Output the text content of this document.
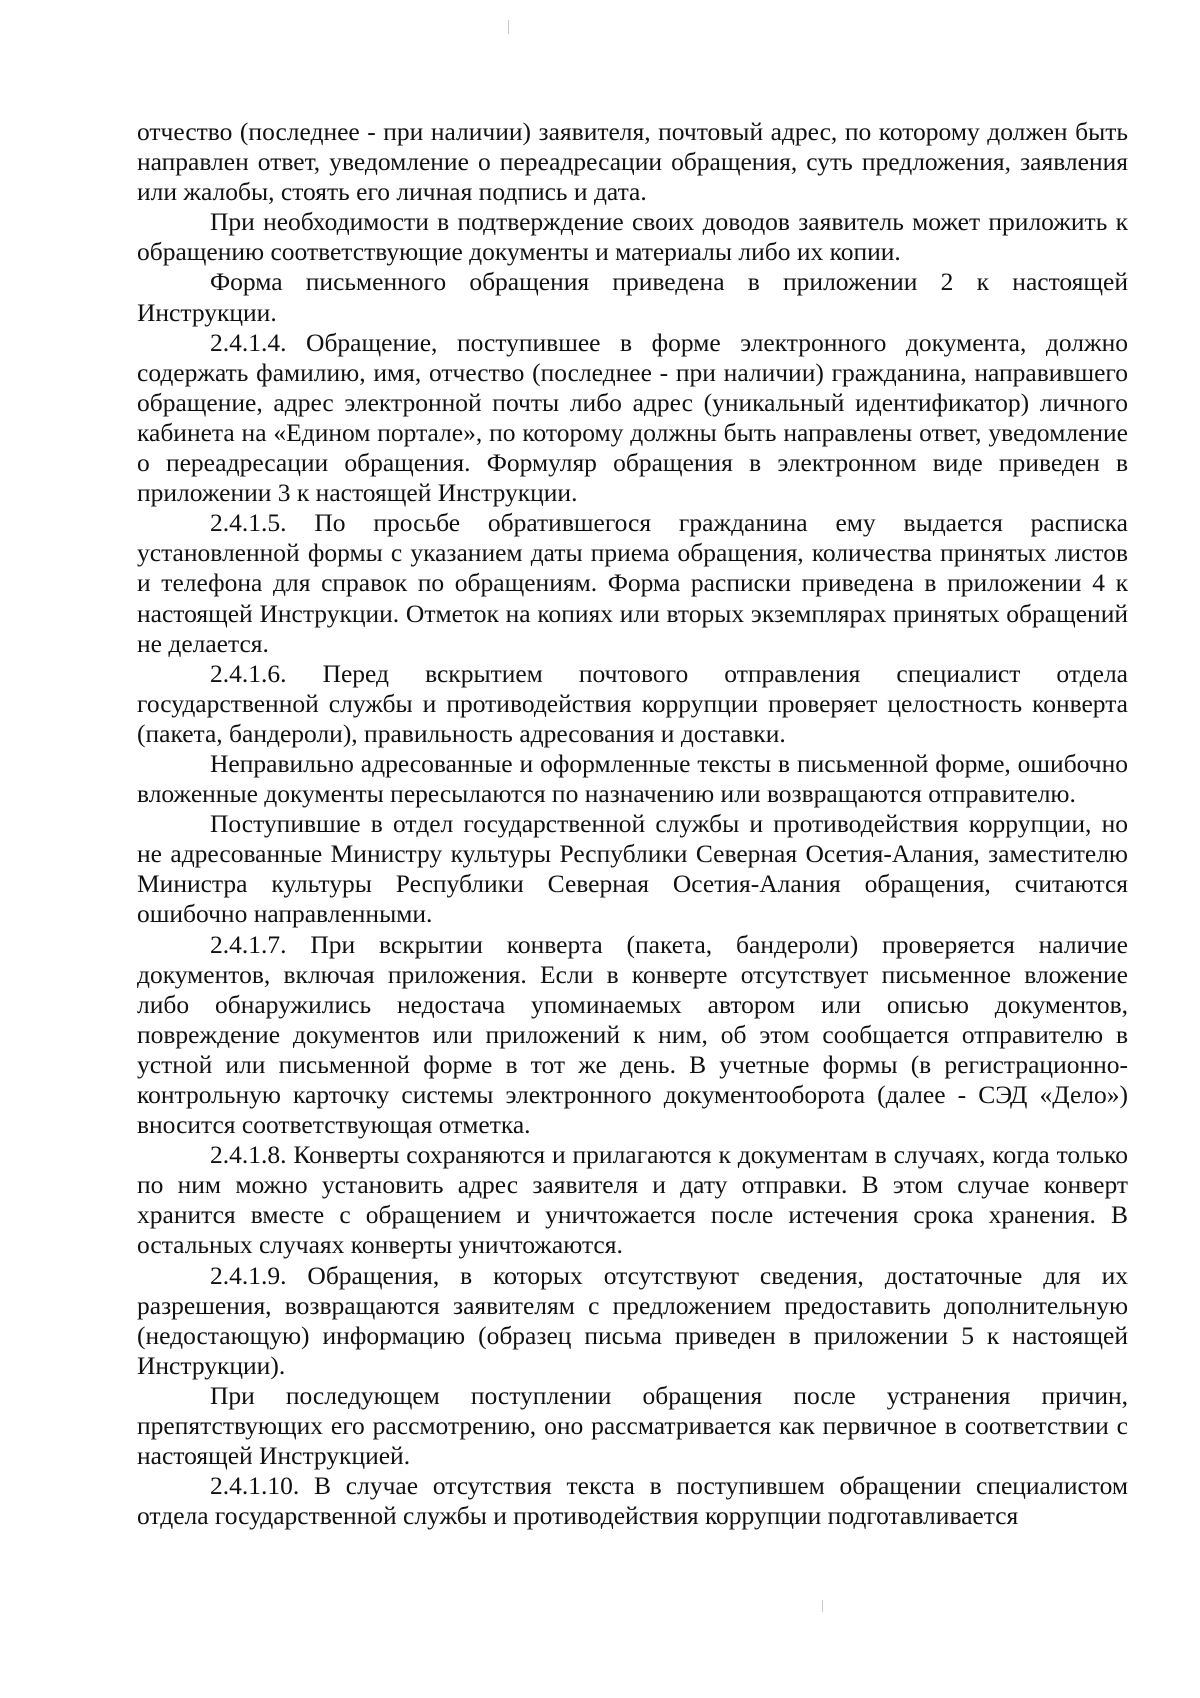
отчество (последнее - при наличии) заявителя, почтовый адрес, по которому должен быть направлен ответ, уведомление о переадресации обращения, суть предложения, заявления или жалобы, стоять его личная подпись и дата.

При необходимости в подтверждение своих доводов заявитель может приложить к обращению соответствующие документы и материалы либо их копии.

Форма письменного обращения приведена в приложении 2 к настоящей Инструкции.

2.4.1.4. Обращение, поступившее в форме электронного документа, должно содержать фамилию, имя, отчество (последнее - при наличии) гражданина, направившего обращение, адрес электронной почты либо адрес (уникальный идентификатор) личного кабинета на «Едином портале», по которому должны быть направлены ответ, уведомление о переадресации обращения. Формуляр обращения в электронном виде приведен в приложении 3 к настоящей Инструкции.

2.4.1.5. По просьбе обратившегося гражданина ему выдается расписка установленной формы с указанием даты приема обращения, количества принятых листов и телефона для справок по обращениям. Форма расписки приведена в приложении 4 к настоящей Инструкции. Отметок на копиях или вторых экземплярах принятых обращений не делается.

2.4.1.6. Перед вскрытием почтового отправления специалист отдела государственной службы и противодействия коррупции проверяет целостность конверта (пакета, бандероли), правильность адресования и доставки.

Неправильно адресованные и оформленные тексты в письменной форме, ошибочно вложенные документы пересылаются по назначению или возвращаются отправителю.

Поступившие в отдел государственной службы и противодействия коррупции, но не адресованные Министру культуры Республики Северная Осетия-Алания, заместителю Министра культуры Республики Северная Осетия-Алания обращения, считаются ошибочно направленными.

2.4.1.7. При вскрытии конверта (пакета, бандероли) проверяется наличие документов, включая приложения. Если в конверте отсутствует письменное вложение либо обнаружились недостача упоминаемых автором или описью документов, повреждение документов или приложений к ним, об этом сообщается отправителю в устной или письменной форме в тот же день. В учетные формы (в регистрационно-контрольную карточку системы электронного документооборота (далее - СЭД «Дело») вносится соответствующая отметка.

2.4.1.8. Конверты сохраняются и прилагаются к документам в случаях, когда только по ним можно установить адрес заявителя и дату отправки. В этом случае конверт хранится вместе с обращением и уничтожается после истечения срока хранения. В остальных случаях конверты уничтожаются.

2.4.1.9. Обращения, в которых отсутствуют сведения, достаточные для их разрешения, возвращаются заявителям с предложением предоставить дополнительную (недостающую) информацию (образец письма приведен в приложении 5 к настоящей Инструкции).

При последующем поступлении обращения после устранения причин, препятствующих его рассмотрению, оно рассматривается как первичное в соответствии с настоящей Инструкцией.

2.4.1.10. В случае отсутствия текста в поступившем обращении специалистом отдела государственной службы и противодействия коррупции подготавливается
